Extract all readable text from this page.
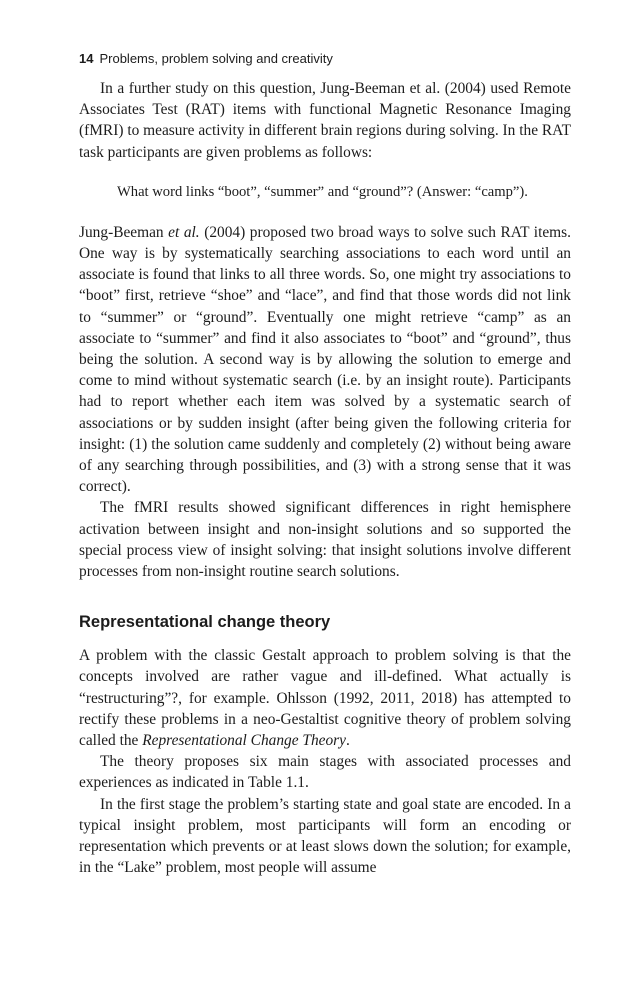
14 Problems, problem solving and creativity

In a further study on this question, Jung-Beeman et al. (2004) used Remote Associates Test (RAT) items with functional Magnetic Resonance Imaging (fMRI) to measure activity in different brain regions during solving. In the RAT task participants are given problems as follows:

What word links “boot”, “summer” and “ground”? (Answer: “camp”).

Jung-Beeman et al. (2004) proposed two broad ways to solve such RAT items. One way is by systematically searching associations to each word until an associate is found that links to all three words. So, one might try associations to “boot” first, retrieve “shoe” and “lace”, and find that those words did not link to “summer” or “ground”. Eventually one might retrieve “camp” as an associate to “summer” and find it also associates to “boot” and “ground”, thus being the solution. A second way is by allowing the solution to emerge and come to mind without systematic search (i.e. by an insight route). Participants had to report whether each item was solved by a systematic search of associations or by sudden insight (after being given the following criteria for insight: (1) the solution came suddenly and completely (2) without being aware of any searching through possibilities, and (3) with a strong sense that it was correct).

The fMRI results showed significant differences in right hemisphere activation between insight and non-insight solutions and so supported the special process view of insight solving: that insight solutions involve different processes from non-insight routine search solutions.

Representational change theory

A problem with the classic Gestalt approach to problem solving is that the concepts involved are rather vague and ill-defined. What actually is “restructuring”?, for example. Ohlsson (1992, 2011, 2018) has attempted to rectify these problems in a neo-Gestaltist cognitive theory of problem solving called the Representational Change Theory.

The theory proposes six main stages with associated processes and experiences as indicated in Table 1.1.

In the first stage the problem’s starting state and goal state are encoded. In a typical insight problem, most participants will form an encoding or representation which prevents or at least slows down the solution; for example, in the “Lake” problem, most people will assume
